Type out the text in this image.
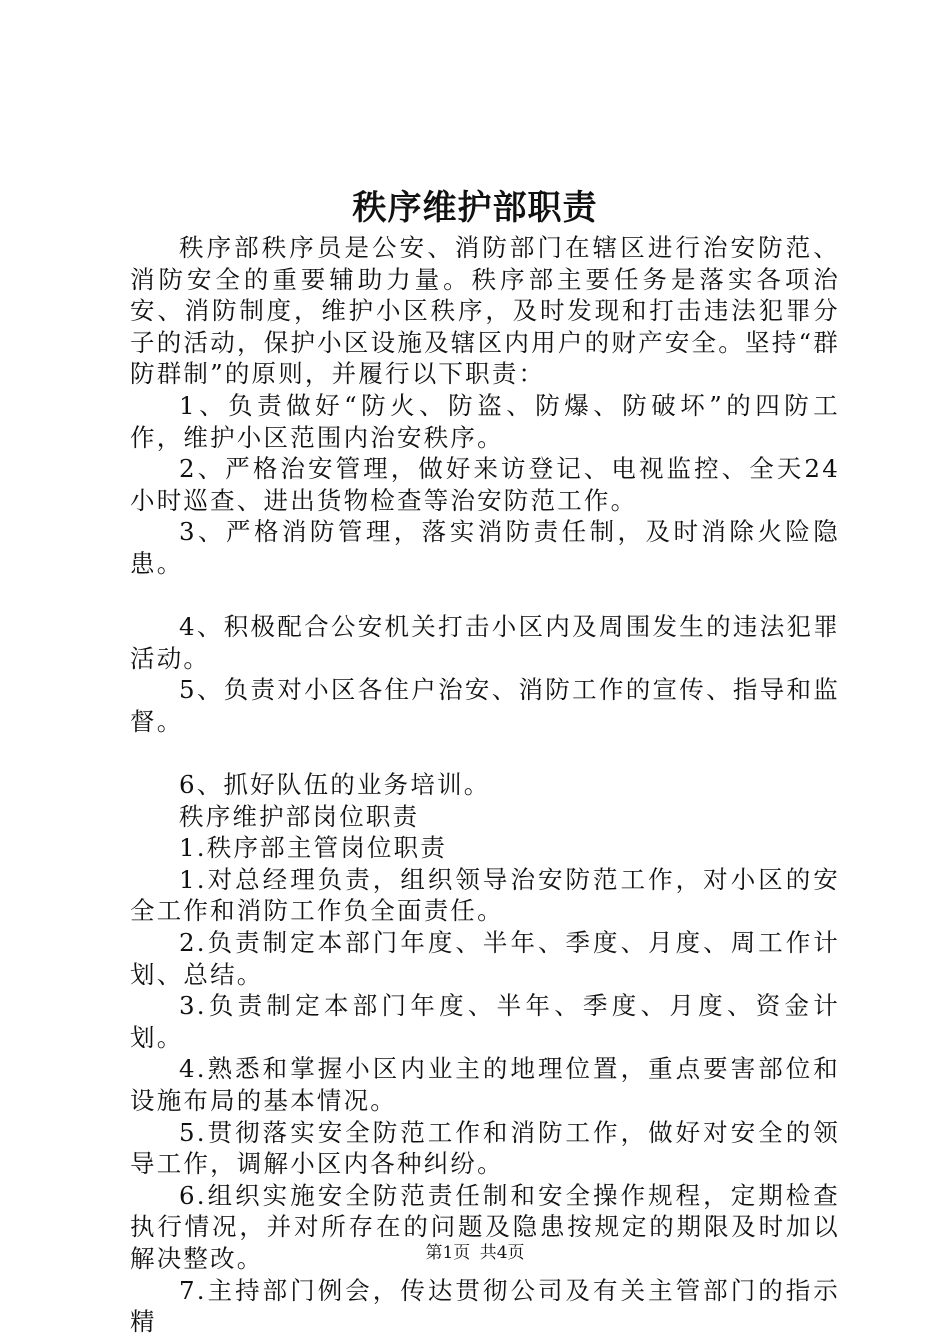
秩序维护部职责

秩序部秩序员是公安、消防部门在辖区进行治安防范、消防安全的重要辅助力量。秩序部主要任务是落实各项治安、消防制度，维护小区秩序，及时发现和打击违法犯罪分子的活动，保护小区设施及辖区内用户的财产安全。坚持“群防群制”的原则，并履行以下职责：

1、负责做好“防火、防盗、防爆、防破坏”的四防工作，维护小区范围内治安秩序。

2、严格治安管理，做好来访登记、电视监控、全天24小时巡查、进出货物检查等治安防范工作。

3、严格消防管理，落实消防责任制，及时消除火险隐患。

4、积极配合公安机关打击小区内及周围发生的违法犯罪活动。

5、负责对小区各住户治安、消防工作的宣传、指导和监督。

6、抓好队伍的业务培训。

秩序维护部岗位职责

1.秩序部主管岗位职责

1.对总经理负责，组织领导治安防范工作，对小区的安全工作和消防工作负全面责任。

2.负责制定本部门年度、半年、季度、月度、周工作计划、总结。

3.负责制定本部门年度、半年、季度、月度、资金计划。

4.熟悉和掌握小区内业主的地理位置，重点要害部位和设施布局的基本情况。

5.贯彻落实安全防范工作和消防工作，做好对安全的领导工作，调解小区内各种纠纷。

6.组织实施安全防范责任制和安全操作规程，定期检查执行情况，并对所存在的问题及隐患按规定的期限及时加以解决整改。

7.主持部门例会，传达贯彻公司及有关主管部门的指示精

第1页 共4页
